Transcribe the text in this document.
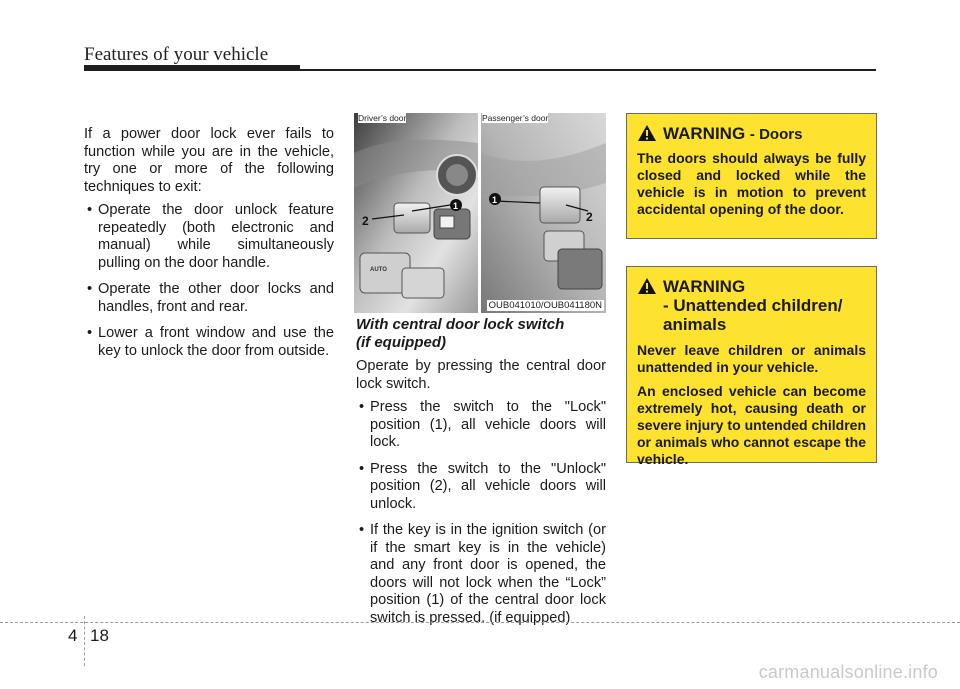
Features of your vehicle

If a power door lock ever fails to function while you are in the vehicle, try one or more of the following techniques to exit:

• Operate the door unlock feature repeatedly (both electronic and manual) while simultaneously pulling on the door handle.
• Operate the other door locks and handles, front and rear.
• Lower a front window and use the key to unlock the door from outside.
AUTO
2
1
1
2
Driver’s door	Passenger’s door
OUB041010/OUB041180N
With central door lock switch
(if equipped)

Operate by pressing the central door lock switch.

• Press the switch to the "Lock" position (1), all vehicle doors will lock.
• Press the switch to the "Unlock" position (2), all vehicle doors will unlock.
• If the key is in the ignition switch (or if the smart key is in the vehicle) and any front door is opened, the doors will not lock when the “Lock” position (1) of the central door lock switch is pressed. (if equipped)
WARNING - Doors

The doors should always be fully closed and locked while the vehicle is in motion to prevent accidental opening of the door.

WARNING
- Unattended children/ animals

Never leave children or animals unattended in your vehicle.

An enclosed vehicle can become extremely hot, causing death or severe injury to untended children or animals who cannot escape the vehicle.

4 18
carmanualsonline.info
